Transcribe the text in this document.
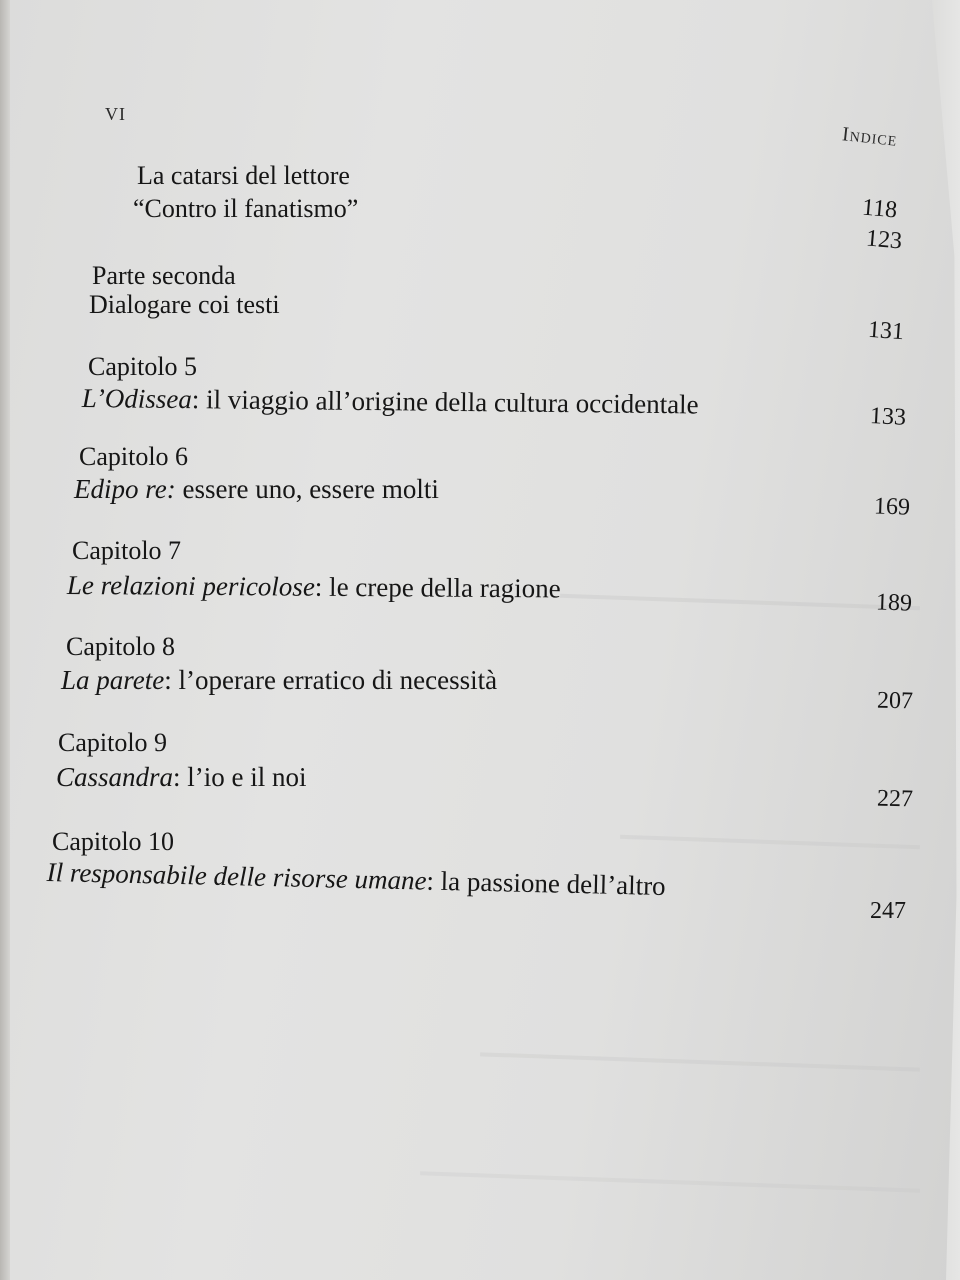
VI
Indice
La catarsi del lettore
118
“Contro il fanatismo”
123
Parte seconda
Dialogare coi testi
131
Capitolo 5
L’Odissea: il viaggio all’origine della cultura occidentale	133
Capitolo 6
Edipo re: essere uno, essere molti
169
Capitolo 7
Le relazioni pericolose: le crepe della ragione	189
Capitolo 8
La parete: l’operare erratico di necessità
207
Capitolo 9
Cassandra: l’io e il noi
227
Capitolo 10
Il responsabile delle risorse umane: la passione dell’altro
247
